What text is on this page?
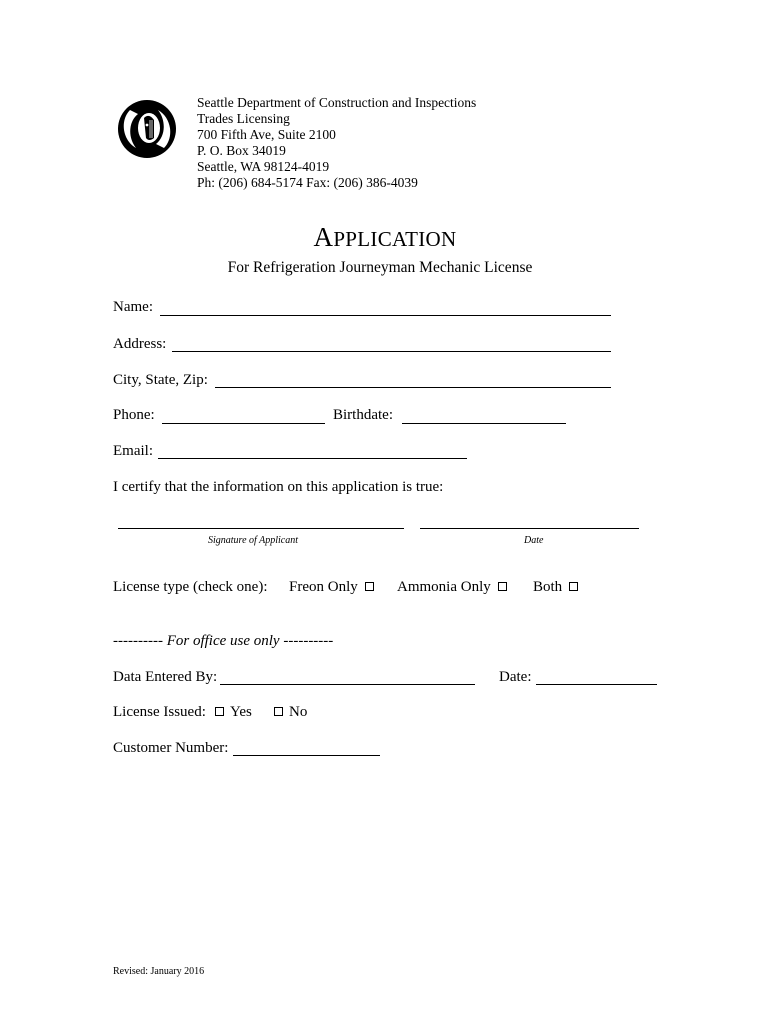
Seattle Department of Construction and Inspections
Trades Licensing
700 Fifth Ave, Suite 2100
P. O. Box 34019
Seattle, WA 98124-4019
Ph: (206) 684-5174 Fax: (206) 386-4039
APPLICATION
For Refrigeration Journeyman Mechanic License
Name:
Address:
City, State, Zip:
Phone:	Birthdate:
Email:
I certify that the information on this application is true:
Signature of Applicant	Date
License type (check one): Freon Only	Ammonia Only	Both
---------- For office use only ----------
Data Entered By:	Date:
License Issued:	Yes	No
Customer Number:
Revised: January 2016
